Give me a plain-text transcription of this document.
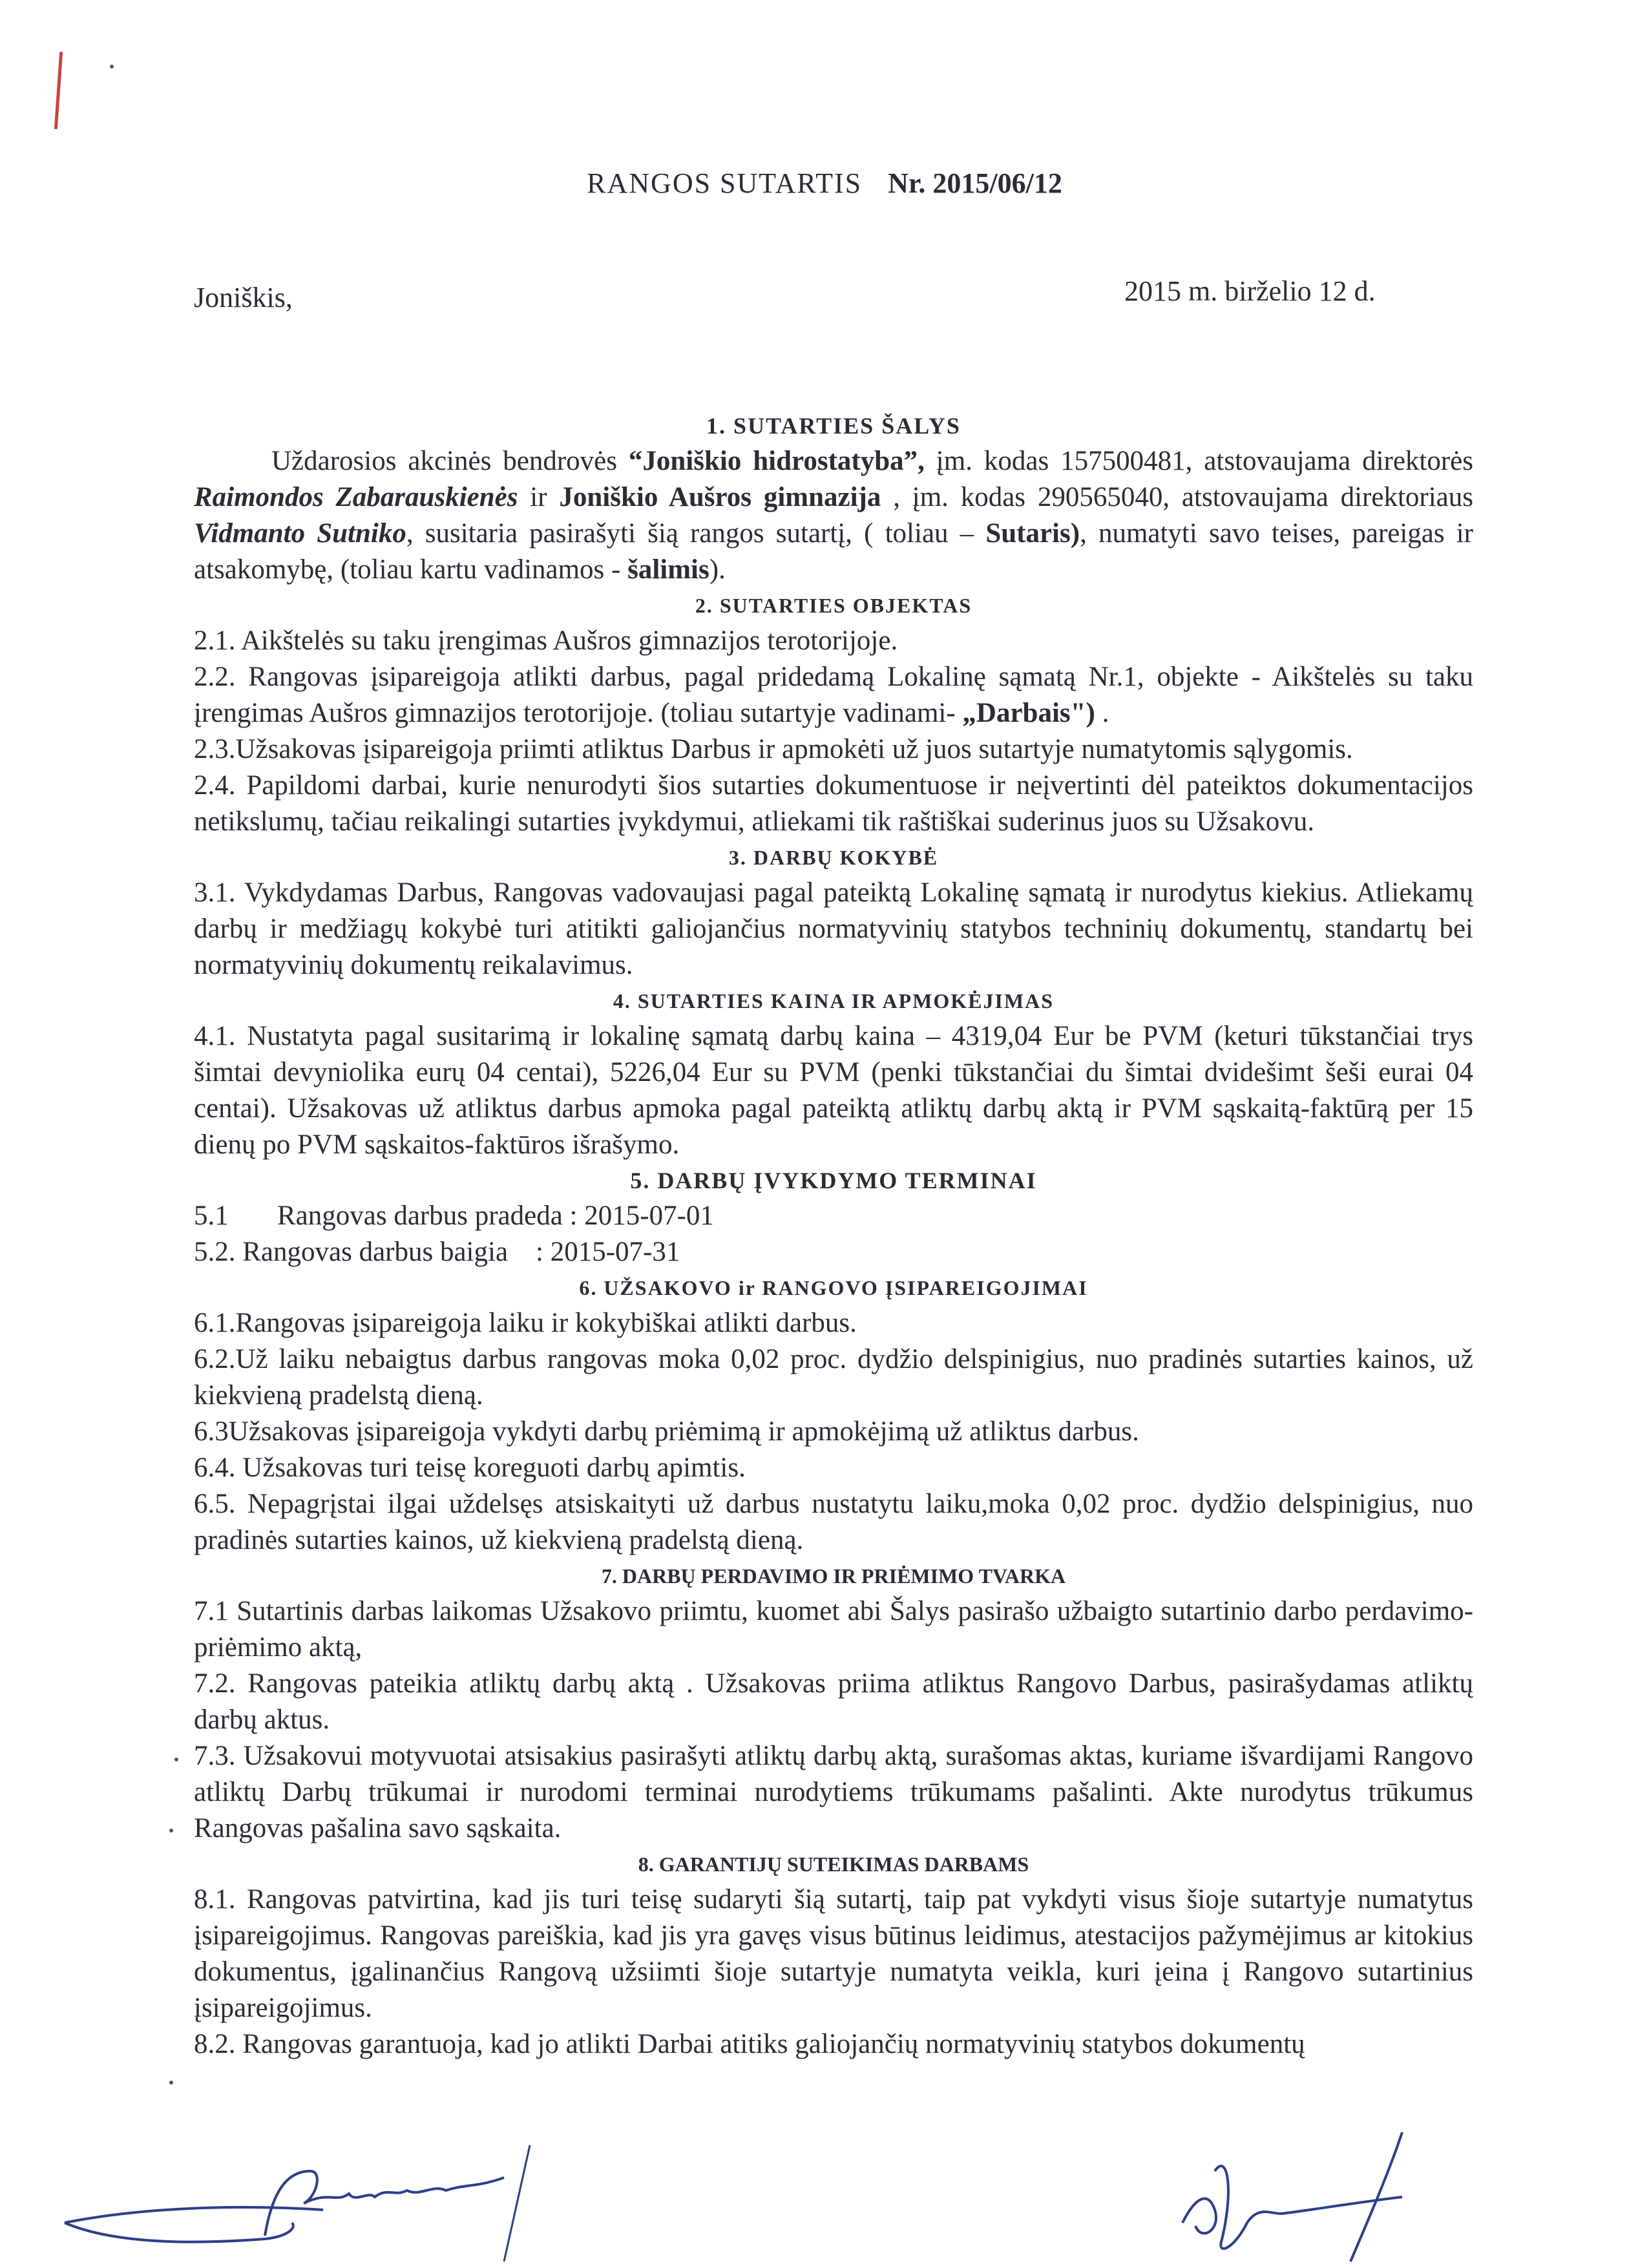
RANGOS SUTARTIS Nr. 2015/06/12
Joniškis,	2015 m. birželio 12 d.

1. SUTARTIES ŠALYS

Uždarosios akcinės bendrovės “Joniškio hidrostatyba”, įm. kodas 157500481, atstovaujama direktorės Raimondos Zabarauskienės ir Joniškio Aušros gimnazija , įm. kodas 290565040, atstovaujama direktoriaus Vidmanto Sutniko, susitaria pasirašyti šią rangos sutartį, ( toliau – Sutaris), numatyti savo teises, pareigas ir atsakomybę, (toliau kartu vadinamos - šalimis).

2. SUTARTIES OBJEKTAS

2.1. Aikštelės su taku įrengimas Aušros gimnazijos terotorijoje.

2.2. Rangovas įsipareigoja atlikti darbus, pagal pridedamą Lokalinę sąmatą Nr.1, objekte - Aikštelės su taku įrengimas Aušros gimnazijos terotorijoje. (toliau sutartyje vadinami- „Darbais") .

2.3.Užsakovas įsipareigoja priimti atliktus Darbus ir apmokėti už juos sutartyje numatytomis sąlygomis.

2.4. Papildomi darbai, kurie nenurodyti šios sutarties dokumentuose ir neįvertinti dėl pateiktos dokumentacijos netikslumų, tačiau reikalingi sutarties įvykdymui, atliekami tik raštiškai suderinus juos su Užsakovu.

3. DARBŲ KOKYBĖ

3.1. Vykdydamas Darbus, Rangovas vadovaujasi pagal pateiktą Lokalinę sąmatą ir nurodytus kiekius. Atliekamų darbų ir medžiagų kokybė turi atitikti galiojančius normatyvinių statybos techninių dokumentų, standartų bei normatyvinių dokumentų reikalavimus.

4. SUTARTIES KAINA IR APMOKĖJIMAS

4.1. Nustatyta pagal susitarimą ir lokalinę sąmatą darbų kaina – 4319,04 Eur be PVM (keturi tūkstančiai trys šimtai devyniolika eurų 04 centai), 5226,04 Eur su PVM (penki tūkstančiai du šimtai dvidešimt šeši eurai 04 centai). Užsakovas už atliktus darbus apmoka pagal pateiktą atliktų darbų aktą ir PVM sąskaitą-faktūrą per 15 dienų po PVM sąskaitos-faktūros išrašymo.

5. DARBŲ ĮVYKDYMO TERMINAI

5.1       Rangovas darbus pradeda : 2015-07-01

5.2. Rangovas darbus baigia    : 2015-07-31

6. UŽSAKOVO ir RANGOVO ĮSIPAREIGOJIMAI

6.1.Rangovas įsipareigoja laiku ir kokybiškai atlikti darbus.

6.2.Už laiku nebaigtus darbus rangovas moka 0,02 proc. dydžio delspinigius, nuo pradinės sutarties kainos, už kiekvieną pradelstą dieną.

6.3Užsakovas įsipareigoja vykdyti darbų priėmimą ir apmokėjimą už atliktus darbus.

6.4. Užsakovas turi teisę koreguoti darbų apimtis.

6.5. Nepagrįstai ilgai uždelsęs atsiskaityti už darbus nustatytu laiku,moka 0,02 proc. dydžio delspinigius, nuo pradinės sutarties kainos, už kiekvieną pradelstą dieną.

7. DARBŲ PERDAVIMO IR PRIĖMIMO TVARKA

7.1 Sutartinis darbas laikomas Užsakovo priimtu, kuomet abi Šalys pasirašo užbaigto sutartinio darbo perdavimo-priėmimo aktą,

7.2. Rangovas pateikia atliktų darbų aktą . Užsakovas priima atliktus Rangovo Darbus, pasirašydamas atliktų darbų aktus.

7.3. Užsakovui motyvuotai atsisakius pasirašyti atliktų darbų aktą, surašomas aktas, kuriame išvardijami Rangovo atliktų Darbų trūkumai ir nurodomi terminai nurodytiems trūkumams pašalinti. Akte nurodytus trūkumus Rangovas pašalina savo sąskaita.

8. GARANTIJŲ SUTEIKIMAS DARBAMS

8.1. Rangovas patvirtina, kad jis turi teisę sudaryti šią sutartį, taip pat vykdyti visus šioje sutartyje numatytus įsipareigojimus. Rangovas pareiškia, kad jis yra gavęs visus būtinus leidimus, atestacijos pažymėjimus ar kitokius dokumentus, įgalinančius Rangovą užsiimti šioje sutartyje numatyta veikla, kuri įeina į Rangovo sutartinius įsipareigojimus.

8.2. Rangovas garantuoja, kad jo atlikti Darbai atitiks galiojančių normatyvinių statybos dokumentų
